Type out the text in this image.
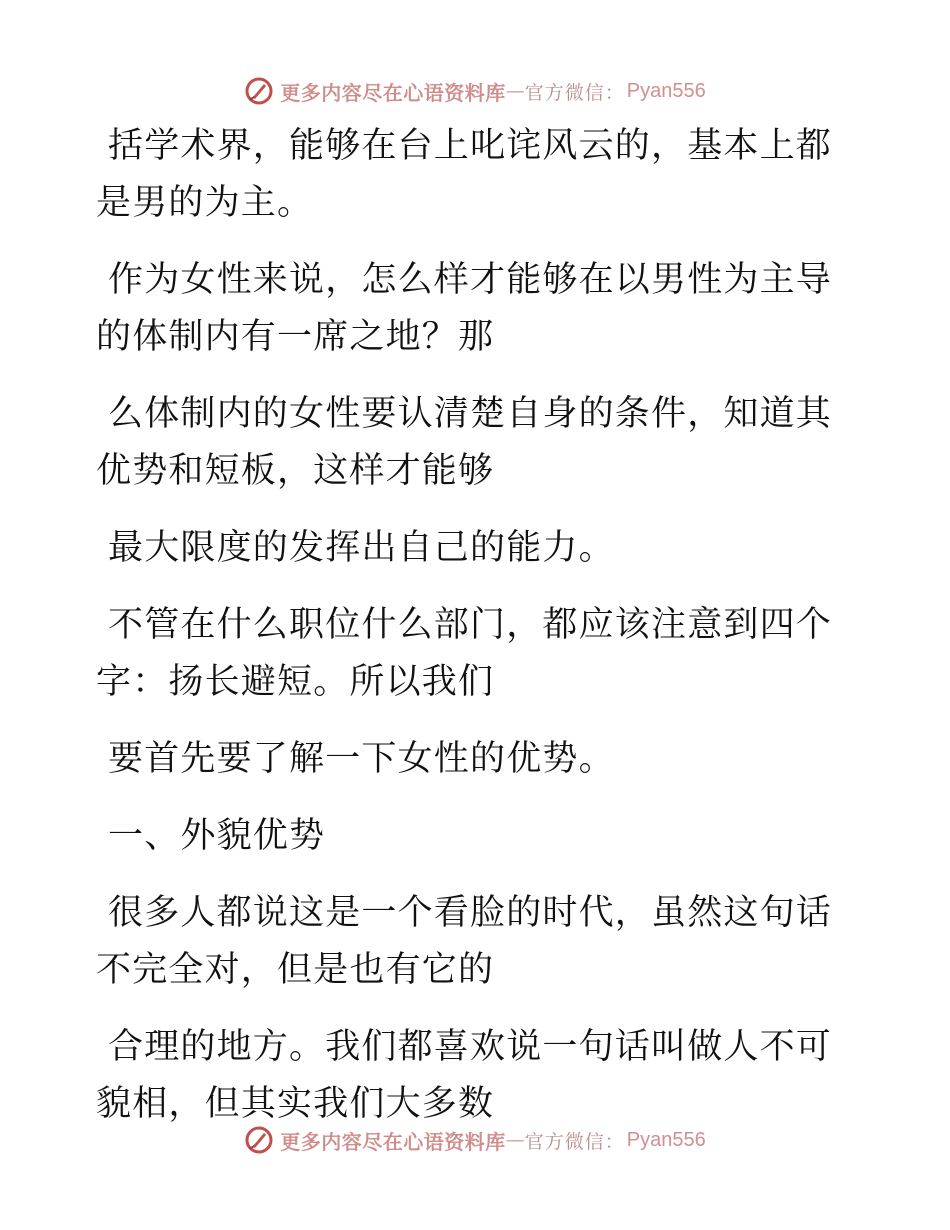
更多内容尽在心语资料库 — 官方微信： Pyan556

括学术界，能够在台上叱诧风云的，基本上都是男的为主。

作为女性来说，怎么样才能够在以男性为主导的体制内有一席之地？那

么体制内的女性要认清楚自身的条件，知道其优势和短板，这样才能够

最大限度的发挥出自己的能力。

不管在什么职位什么部门，都应该注意到四个字：扬长避短。所以我们

要首先要了解一下女性的优势。

一、外貌优势

很多人都说这是一个看脸的时代，虽然这句话不完全对，但是也有它的

合理的地方。我们都喜欢说一句话叫做人不可貌相，但其实我们大多数

更多内容尽在心语资料库 — 官方微信： Pyan556
